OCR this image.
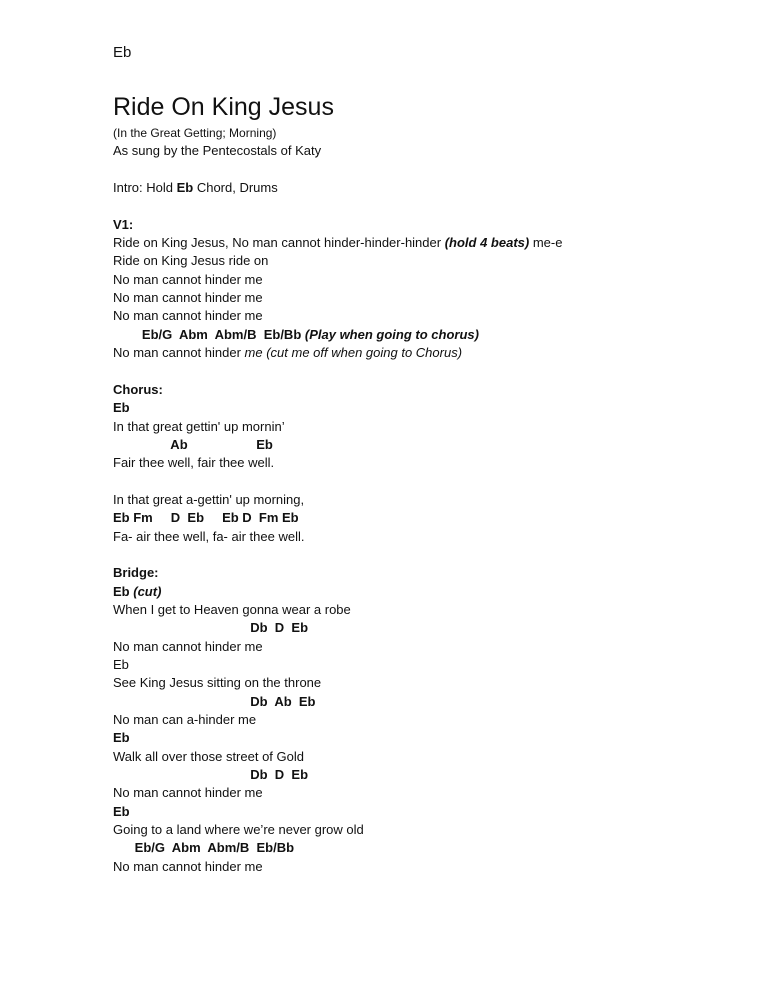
Eb
Ride On King Jesus
(In the Great Getting; Morning)
As sung by the Pentecostals of Katy
Intro: Hold Eb Chord, Drums
V1:
Ride on King Jesus, No man cannot hinder-hinder-hinder (hold 4 beats) me-e
Ride on King Jesus ride on
No man cannot hinder me
No man cannot hinder me
No man cannot hinder me
Eb/G  Abm  Abm/B  Eb/Bb (Play when going to chorus)
No man cannot hinder me (cut me off when going to Chorus)
Chorus:
Eb
In that great gettin' up mornin’
Ab                   Eb
Fair thee well, fair thee well.
In that great a-gettin' up morning,
Eb Fm     D  Eb     Eb D  Fm Eb
Fa- air thee well, fa- air thee well.
Bridge:
Eb (cut)
When I get to Heaven gonna wear a robe
Db  D  Eb
No man cannot hinder me
Eb
See King Jesus sitting on the throne
Db  Ab  Eb
No man can a-hinder me
Eb
Walk all over those street of Gold
Db  D  Eb
No man cannot hinder me
Eb
Going to a land where we’re never grow old
Eb/G  Abm  Abm/B  Eb/Bb
No man cannot hinder me
